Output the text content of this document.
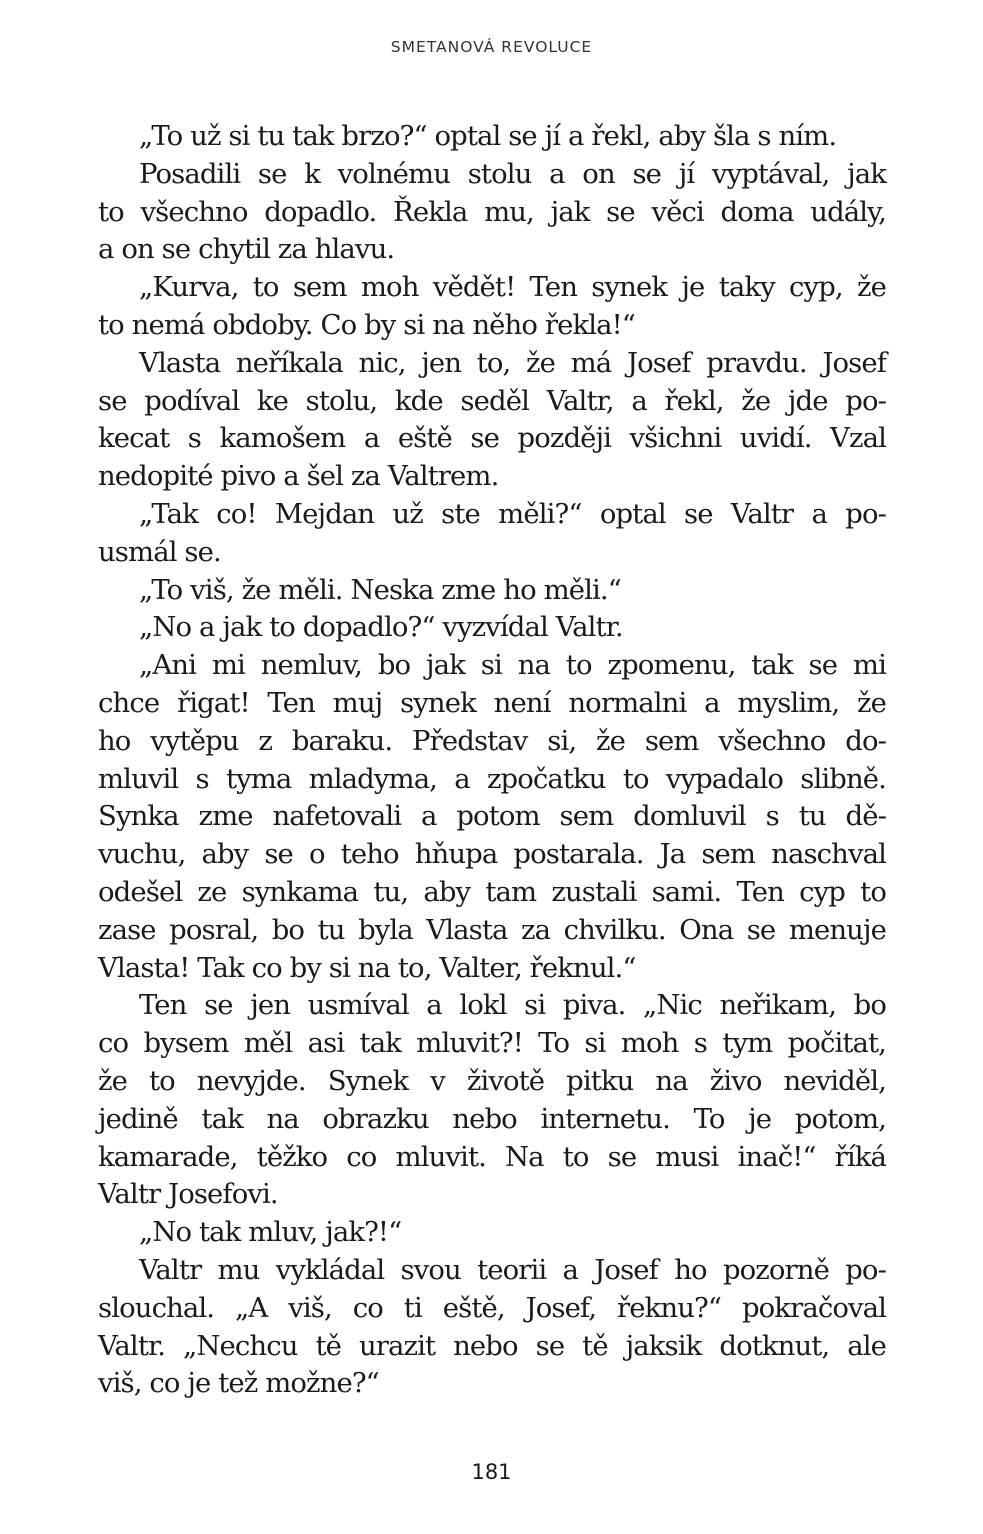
SMETANOVÁ REVOLUCE
„To už si tu tak brzo?“ optal se jí a řekl, aby šla s ním.
Posadili se k volnému stolu a on se jí vyptával, jak
to všechno dopadlo. Řekla mu, jak se věci doma udály,
a on se chytil za hlavu.
„Kurva, to sem moh vědět! Ten synek je taky cyp, že
to nemá obdoby. Co by si na něho řekla!“
Vlasta neříkala nic, jen to, že má Josef pravdu. Josef
se podíval ke stolu, kde seděl Valtr, a řekl, že jde po-
kecat s kamošem a eště se později všichni uvidí. Vzal
nedopité pivo a šel za Valtrem.
„Tak co! Mejdan už ste měli?“ optal se Valtr a po-
usmál se.
„To viš, že měli. Neska zme ho měli.“
„No a jak to dopadlo?“ vyzvídal Valtr.
„Ani mi nemluv, bo jak si na to zpomenu, tak se mi
chce řigat! Ten muj synek není normalni a myslim, že
ho vytěpu z baraku. Představ si, že sem všechno do-
mluvil s tyma mladyma, a zpočatku to vypadalo slibně.
Synka zme nafetovali a potom sem domluvil s tu dě-
vuchu, aby se o teho hňupa postarala. Ja sem naschval
odešel ze synkama tu, aby tam zustali sami. Ten cyp to
zase posral, bo tu byla Vlasta za chvilku. Ona se menuje
Vlasta! Tak co by si na to, Valter, řeknul.“
Ten se jen usmíval a lokl si piva. „Nic neřikam, bo
co bysem měl asi tak mluvit?! To si moh s tym počitat,
že to nevyjde. Synek v životě pitku na živo neviděl,
jedině tak na obrazku nebo internetu. To je potom,
kamarade, těžko co mluvit. Na to se musi inač!“ říká
Valtr Josefovi.
„No tak mluv, jak?!“
Valtr mu vykládal svou teorii a Josef ho pozorně po-
slouchal. „A viš, co ti eště, Josef, řeknu?“ pokračoval
Valtr. „Nechcu tě urazit nebo se tě jaksik dotknut, ale
viš, co je tež možne?“
181
